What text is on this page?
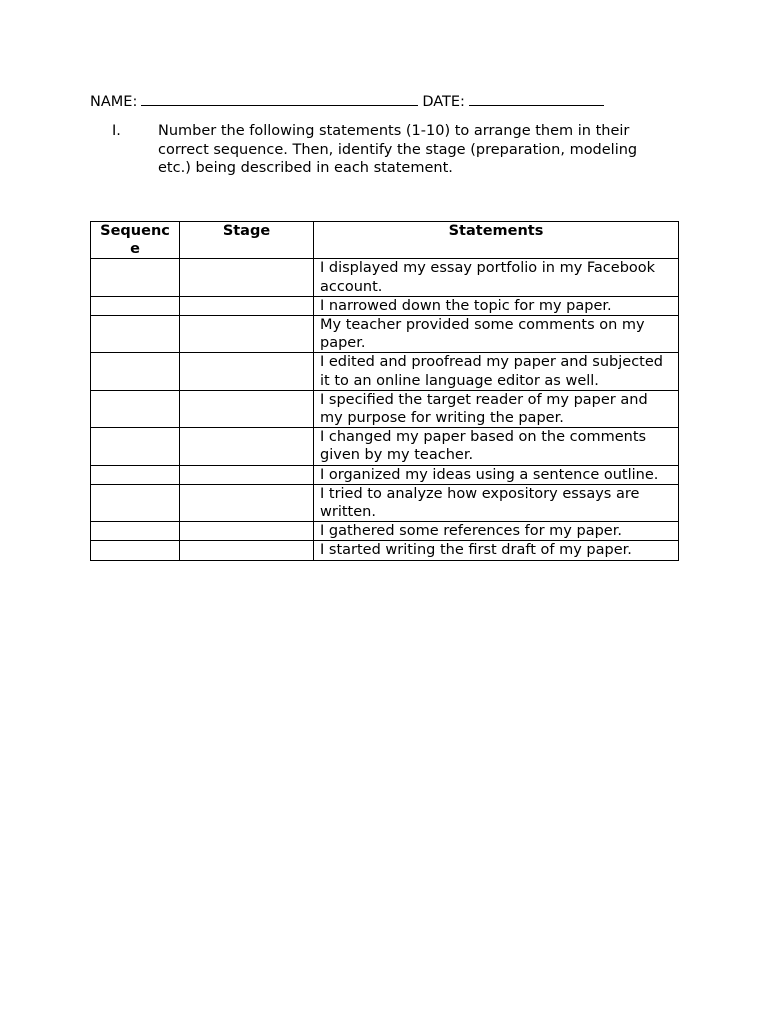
NAME:	DATE:
I.	Number the following statements (1-10) to arrange them in their correct sequence. Then, identify the stage (preparation, modeling etc.) being described in each statement.
Sequence	Stage	Statements
		I displayed my essay portfolio in my Facebook account.
		I narrowed down the topic for my paper.
		My teacher provided some comments on my paper.
		I edited and proofread my paper and subjected it to an online language editor as well.
		I specified the target reader of my paper and my purpose for writing the paper.
		I changed my paper based on the comments given by my teacher.
		I organized my ideas using a sentence outline.
		I tried to analyze how expository essays are written.
		I gathered some references for my paper.
		I started writing the first draft of my paper.
